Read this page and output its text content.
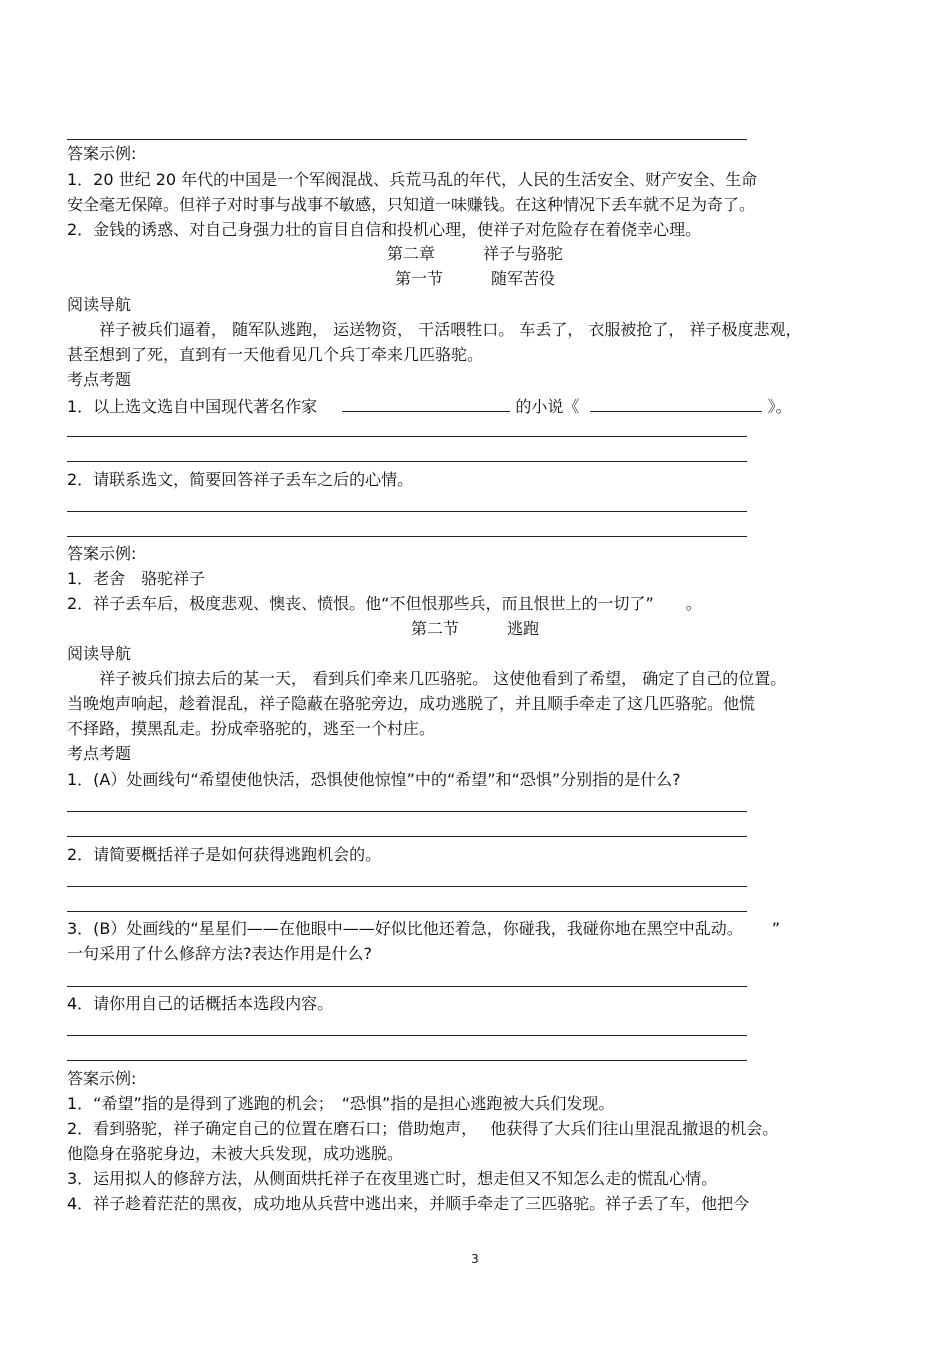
答案示例:
1．20 世纪 20 年代的中国是一个军阀混战、兵荒马乱的年代，人民的生活安全、财产安全、生命
安全毫无保障。但祥子对时事与战事不敏感，只知道一味赚钱。在这种情况下丢车就不足为奇了。
2．金钱的诱惑、对自己身强力壮的盲目自信和投机心理，使祥子对危险存在着侥幸心理。
第二章　　　祥子与骆驼
第一节　　　随军苦役
阅读导航
　　祥子被兵们逼着， 随军队逃跑， 运送物资， 干活喂牲口。 车丢了， 衣服被抢了， 祥子极度悲观，
甚至想到了死，直到有一天他看见几个兵丁牵来几匹骆驼。
考点考题
1．以上选文选自中国现代著名作家	的小说《	》。
2．请联系选文，简要回答祥子丢车之后的心情。
答案示例:
1．老舍　骆驼祥子
2．祥子丢车后，极度悲观、懊丧、愤恨。他“不但恨那些兵，而且恨世上的一切了”　　。
第二节　　　逃跑
阅读导航
　　祥子被兵们掠去后的某一天， 看到兵们牵来几匹骆驼。 这使他看到了希望， 确定了自己的位置。
当晚炮声响起，趁着混乱，祥子隐蔽在骆驼旁边，成功逃脱了，并且顺手牵走了这几匹骆驼。他慌
不择路，摸黑乱走。扮成牵骆驼的，逃至一个村庄。
考点考题
1．(A）处画线句“希望使他快活，恐惧使他惊惶”中的“希望”和“恐惧”分别指的是什么?
2．请简要概括祥子是如何获得逃跑机会的。
3．(B）处画线的“星星们——在他眼中——好似比他还着急，你碰我，我碰你地在黑空中乱动。　　 ”
一句采用了什么修辞方法?表达作用是什么?
4．请你用自己的话概括本选段内容。
答案示例:
1．“希望”指的是得到了逃跑的机会；　“恐惧”指的是担心逃跑被大兵们发现。
2．看到骆驼，祥子确定自己的位置在磨石口；借助炮声，　 他获得了大兵们往山里混乱撤退的机会。
他隐身在骆驼身边，未被大兵发现，成功逃脱。
3．运用拟人的修辞方法，从侧面烘托祥子在夜里逃亡时，想走但又不知怎么走的慌乱心情。
4．祥子趁着茫茫的黑夜，成功地从兵营中逃出来，并顺手牵走了三匹骆驼。祥子丢了车，他把今
3
